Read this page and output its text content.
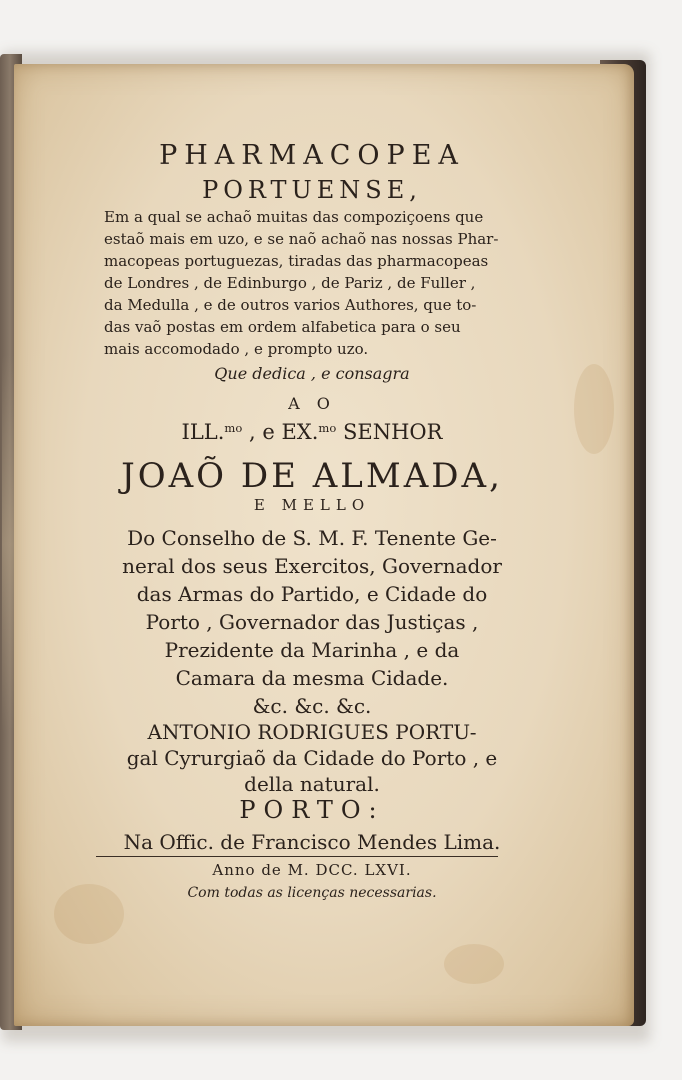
PHARMACOPEA
PORTUENSE,
Em a qual se achaõ muitas das compoziçoens que
estaõ mais em uzo, e se naõ achaõ nas nossas Phar-
macopeas portuguezas, tiradas das pharmacopeas
de Londres , de Edinburgo , de Pariz , de Fuller ,
da Medulla , e de outros varios Authores, que to-
das vaõ postas em ordem alfabetica para o seu
mais accomodado , e prompto uzo.
Que dedica , e consagra
A O
ILL.$^{mo}$ , e EX.$^{mo}$ SENHOR
JOAÕ DE ALMADA,
E MELLO
Do Conselho de S. M. F. Tenente Ge-
neral dos seus Exercitos, Governador
das Armas do Partido, e Cidade do
Porto , Governador das Justiças ,
Prezidente da Marinha , e da
Camara da mesma Cidade.
&c. &c. &c.
ANTONIO RODRIGUES PORTU-
gal Cyrurgiaõ da Cidade do Porto , e
della natural.
PORTO:
Na Offic. de Francisco Mendes Lima.
Anno de M. DCC. LXVI.
Com todas as licenças necessarias.
